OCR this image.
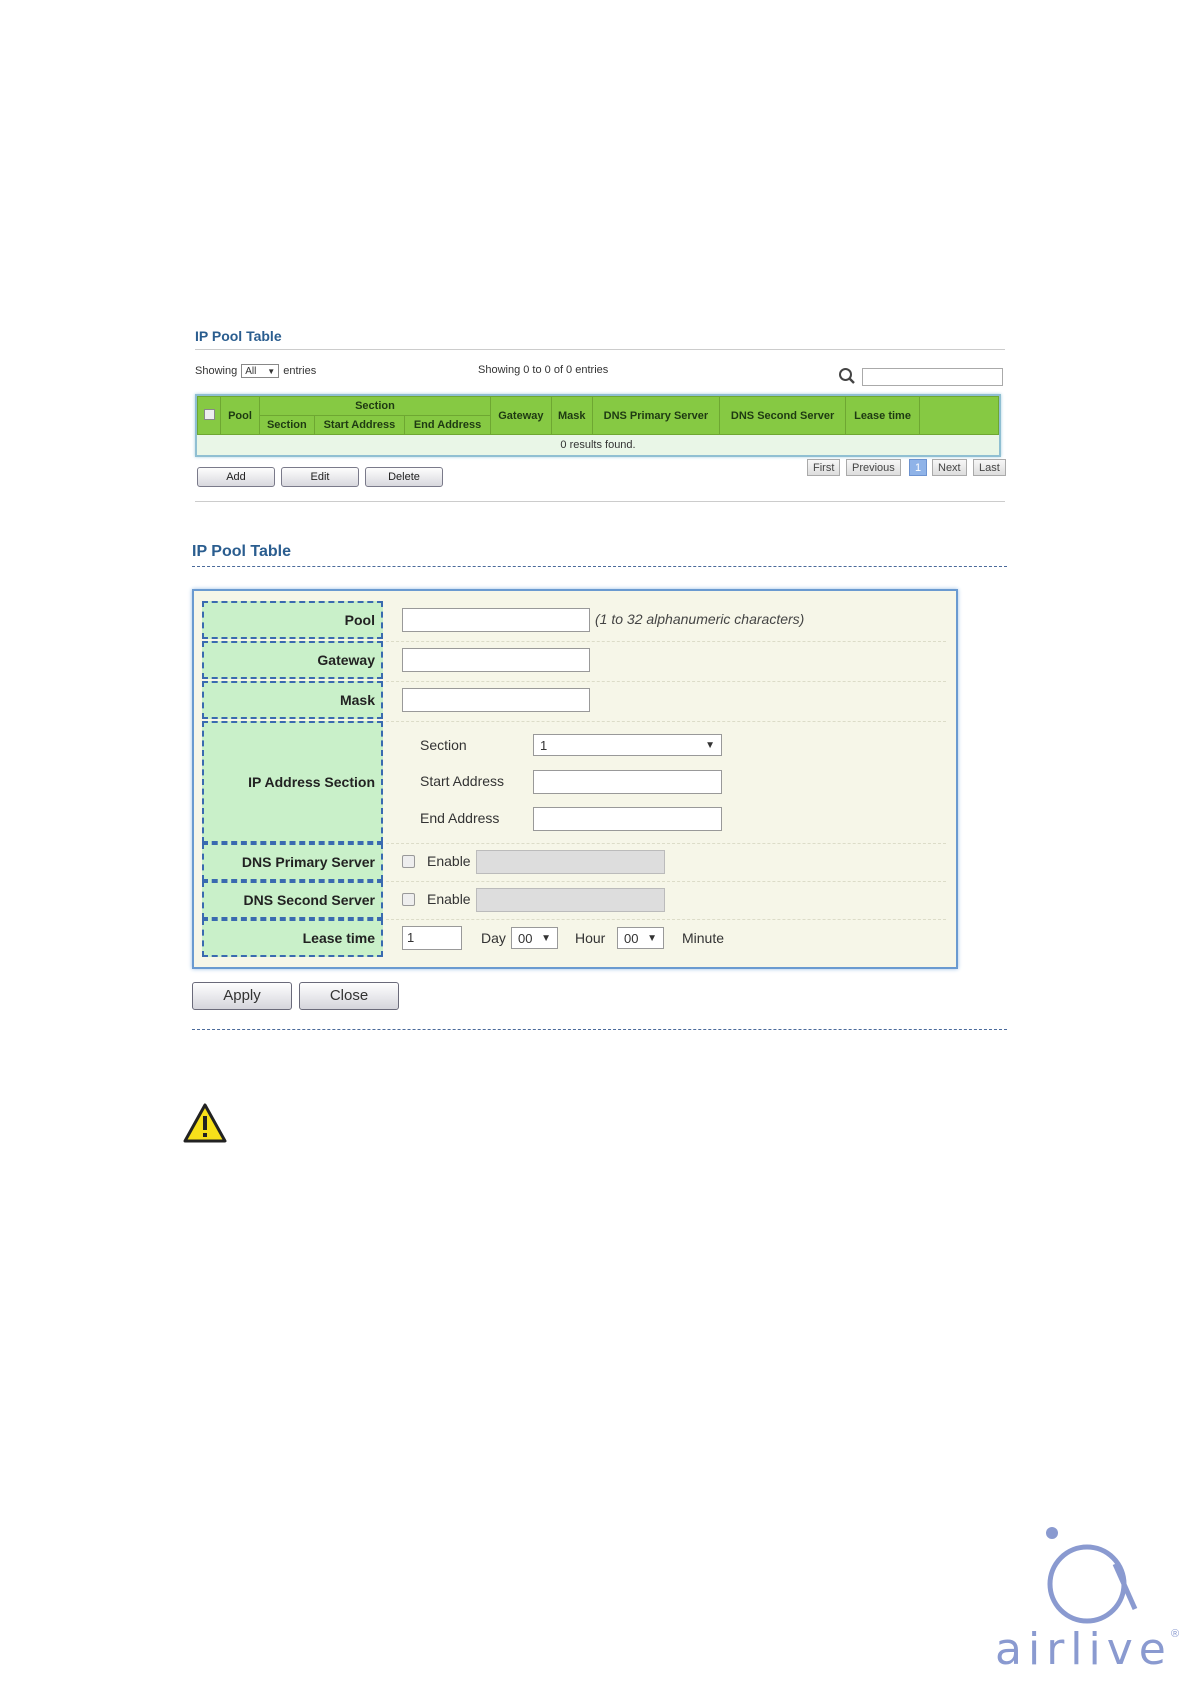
IP Pool Table
Showing All ▼ entries	Showing 0 to 0 of 0 entries
	Pool	Section			Gateway	Mask	DNS Primary Server	DNS Second Server	Lease time	
		Section	Start Address	End Address						
0 results found.										
Add	Edit	Delete
First	Previous	1	Next	Last
IP Pool Table
Pool	(1 to 32 alphanumeric characters)
Gateway
Mask
IP Address Section
Section	1	▼
Start Address
End Address
DNS Primary Server	Enable
DNS Second Server	Enable
Lease time	1	Day 00 ▼ Hour 00 ▼ Minute
Apply	Close
airlive ®
